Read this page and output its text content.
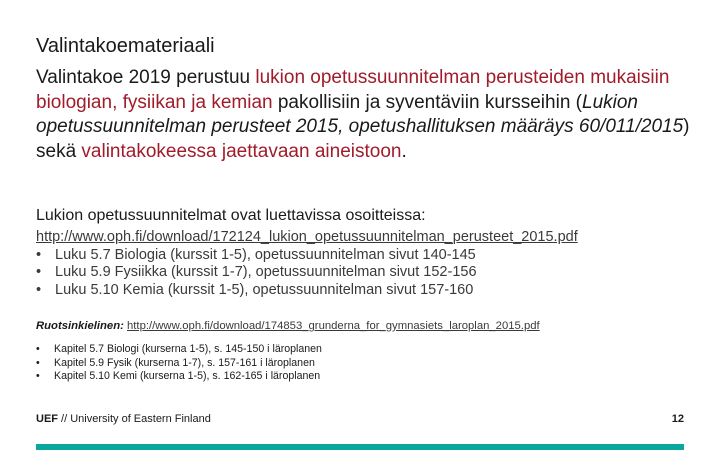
Valintakoemateriaali
Valintakoe 2019 perustuu lukion opetussuunnitelman perusteiden mukaisiin biologian, fysiikan ja kemian pakollisiin ja syventäviin kursseihin (Lukion opetussuunnitelman perusteet 2015, opetushallituksen määräys 60/011/2015) sekä valintakokeessa jaettavaan aineistoon.
Lukion opetussuunnitelmat ovat luettavissa osoitteissa:
http://www.oph.fi/download/172124_lukion_opetussuunnitelman_perusteet_2015.pdf
• Luku 5.7 Biologia (kurssit 1-5), opetussuunnitelman sivut 140-145
• Luku 5.9 Fysiikka (kurssit 1-7), opetussuunnitelman sivut 152-156
• Luku 5.10 Kemia (kurssit 1-5), opetussuunnitelman sivut 157-160
Ruotsinkielinen: http://www.oph.fi/download/174853_grunderna_for_gymnasiets_laroplan_2015.pdf
•	Kapitel 5.7 Biologi (kurserna 1-5), s. 145-150 i läroplanen
•	Kapitel 5.9 Fysik (kurserna 1-7), s. 157-161 i läroplanen
•	Kapitel 5.10 Kemi (kurserna 1-5), s. 162-165 i läroplanen
UEF // University of Eastern Finland	12
